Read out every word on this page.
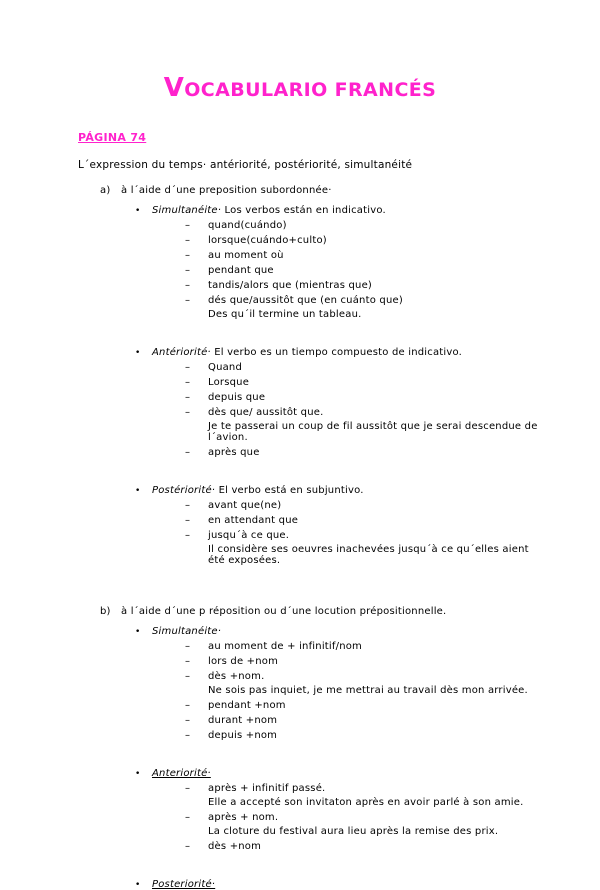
VOCABULARIO FRANCÉS
PÁGINA 74
L´expression du temps· antériorité, postériorité, simultanéité
a) à l´aide d´une preposition subordonnée·
• Simultanéite· Los verbos están en indicativo.
– quand(cuándo)
– lorsque(cuándo+culto)
– au moment où
– pendant que
– tandis/alors que (mientras que)
– dés que/aussitôt que (en cuánto que)
Des qu´il termine un tableau.
• Antériorité· El verbo es un tiempo compuesto de indicativo.
– Quand
– Lorsque
– depuis que
– dès que/ aussitôt que.
Je te passerai un coup de fil aussitôt que je serai descendue de l´avion.
– après que
• Postériorité· El verbo está en subjuntivo.
– avant que(ne)
– en attendant que
– jusqu´à ce que.
Il considère ses oeuvres inachevées jusqu´à ce qu´elles aient été exposées.
b) à l´aide d´une p réposition ou d´une locution prépositionnelle.
• Simultanéite·
– au moment de + infinitif/nom
– lors de +nom
– dès +nom.
Ne sois pas inquiet, je me mettrai au travail dès mon arrivée.
– pendant +nom
– durant +nom
– depuis +nom
• Anteriorité·
– après + infinitif passé.
Elle a accepté son invitaton après en avoir parlé à son amie.
– après + nom.
La cloture du festival aura lieu après la remise des prix.
– dès +nom
• Posteriorité·
